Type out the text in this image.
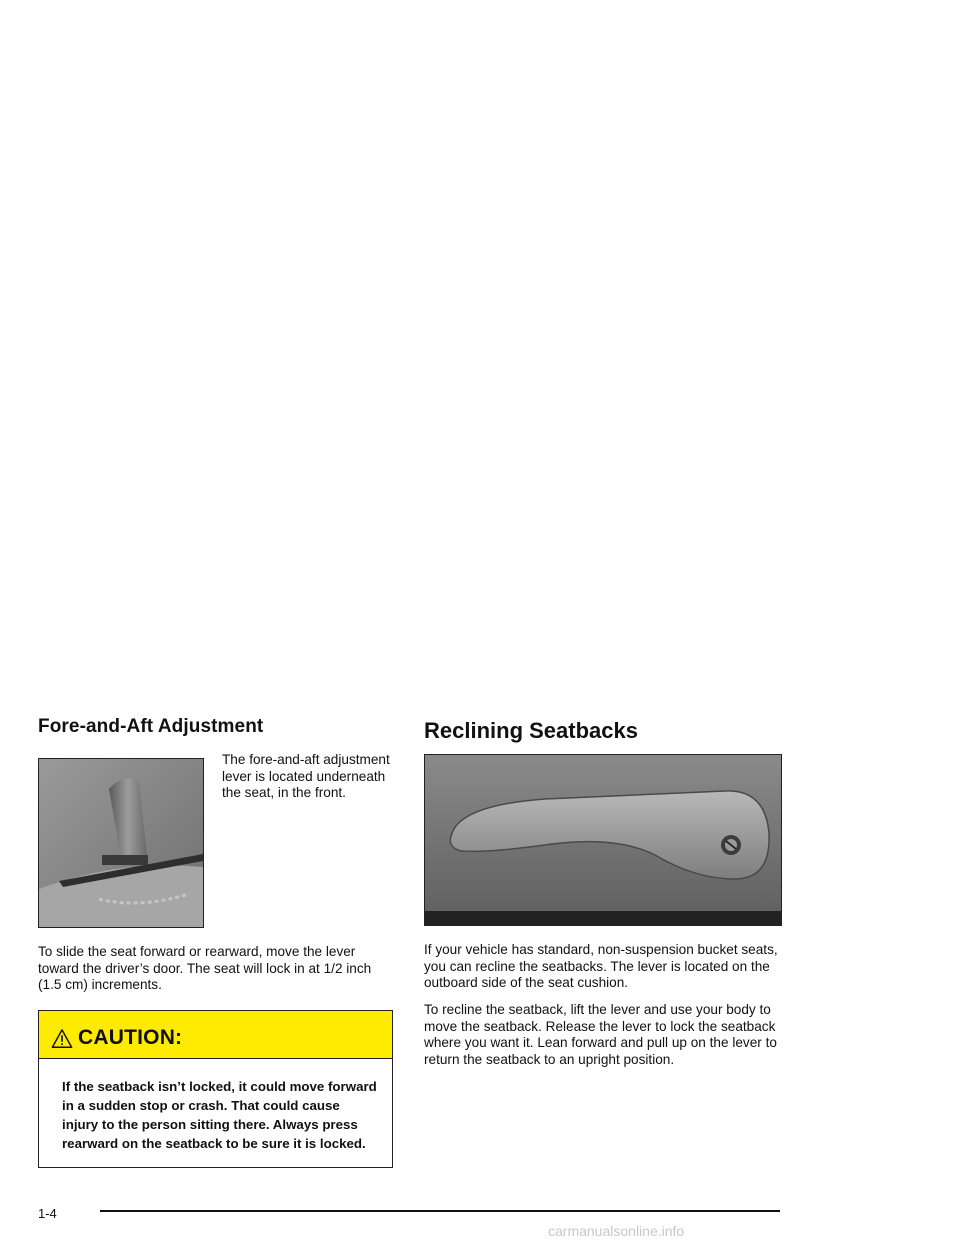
Fore-and-Aft Adjustment
The fore-and-aft adjustment lever is located underneath the seat, in the front.
To slide the seat forward or rearward, move the lever toward the driver’s door. The seat will lock in at 1/2 inch (1.5 cm) increments.
CAUTION:
If the seatback isn’t locked, it could move forward in a sudden stop or crash. That could cause injury to the person sitting there. Always press rearward on the seatback to be sure it is locked.
Reclining Seatbacks
If your vehicle has standard, non-suspension bucket seats, you can recline the seatbacks. The lever is located on the outboard side of the seat cushion.
To recline the seatback, lift the lever and use your body to move the seatback. Release the lever to lock the seatback where you want it. Lean forward and pull up on the lever to return the seatback to an upright position.
1-4
carmanualsonline.info
